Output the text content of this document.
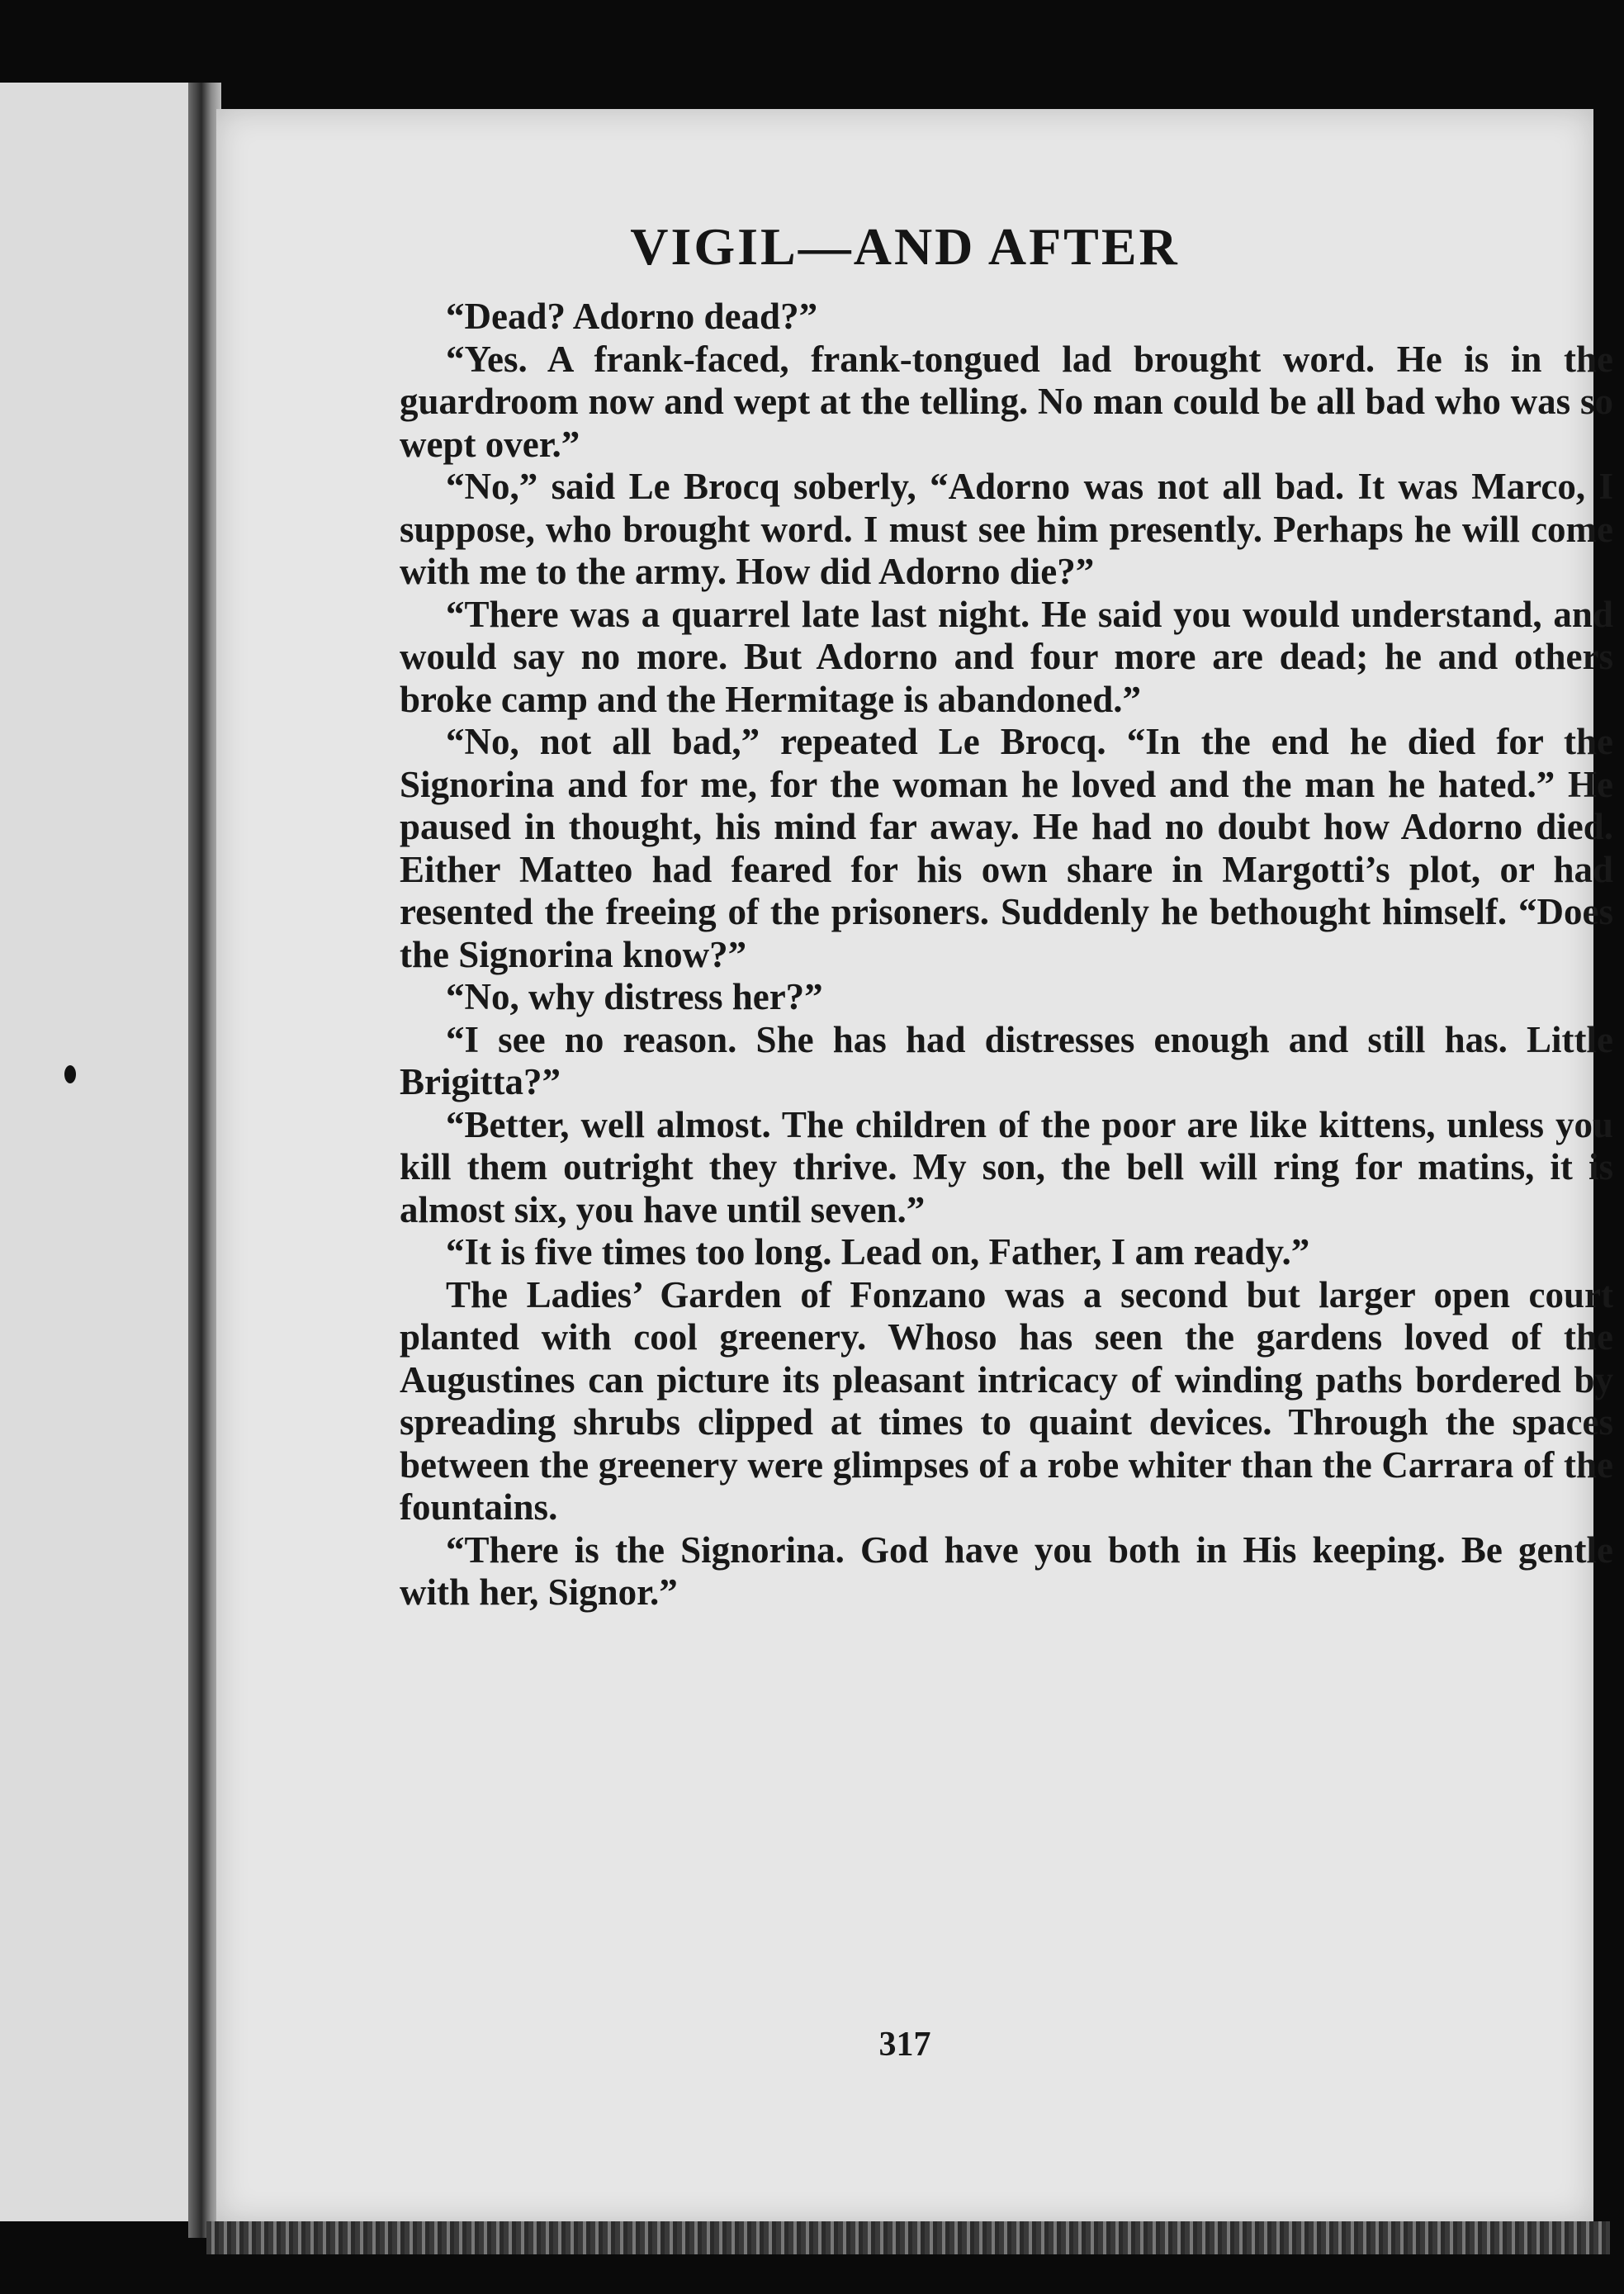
VIGIL—AND AFTER

“Dead? Adorno dead?”

“Yes. A frank-faced, frank-tongued lad brought word. He is in the guardroom now and wept at the telling. No man could be all bad who was so wept over.”

“No,” said Le Brocq soberly, “Adorno was not all bad. It was Marco, I suppose, who brought word. I must see him presently. Perhaps he will come with me to the army. How did Adorno die?”

“There was a quarrel late last night. He said you would understand, and would say no more. But Adorno and four more are dead; he and others broke camp and the Hermitage is abandoned.”

“No, not all bad,” repeated Le Brocq. “In the end he died for the Signorina and for me, for the woman he loved and the man he hated.” He paused in thought, his mind far away. He had no doubt how Adorno died. Either Matteo had feared for his own share in Margotti’s plot, or had resented the freeing of the prisoners. Suddenly he bethought himself. “Does the Signorina know?”

“No, why distress her?”

“I see no reason. She has had distresses enough and still has. Little Brigitta?”

“Better, well almost. The children of the poor are like kittens, unless you kill them outright they thrive. My son, the bell will ring for matins, it is almost six, you have until seven.”

“It is five times too long. Lead on, Father, I am ready.”

The Ladies’ Garden of Fonzano was a second but larger open court planted with cool greenery. Whoso has seen the gardens loved of the Augustines can picture its pleasant intricacy of winding paths bordered by spreading shrubs clipped at times to quaint devices. Through the spaces between the greenery were glimpses of a robe whiter than the Carrara of the fountains.

“There is the Signorina. God have you both in His keeping. Be gentle with her, Signor.”

317
